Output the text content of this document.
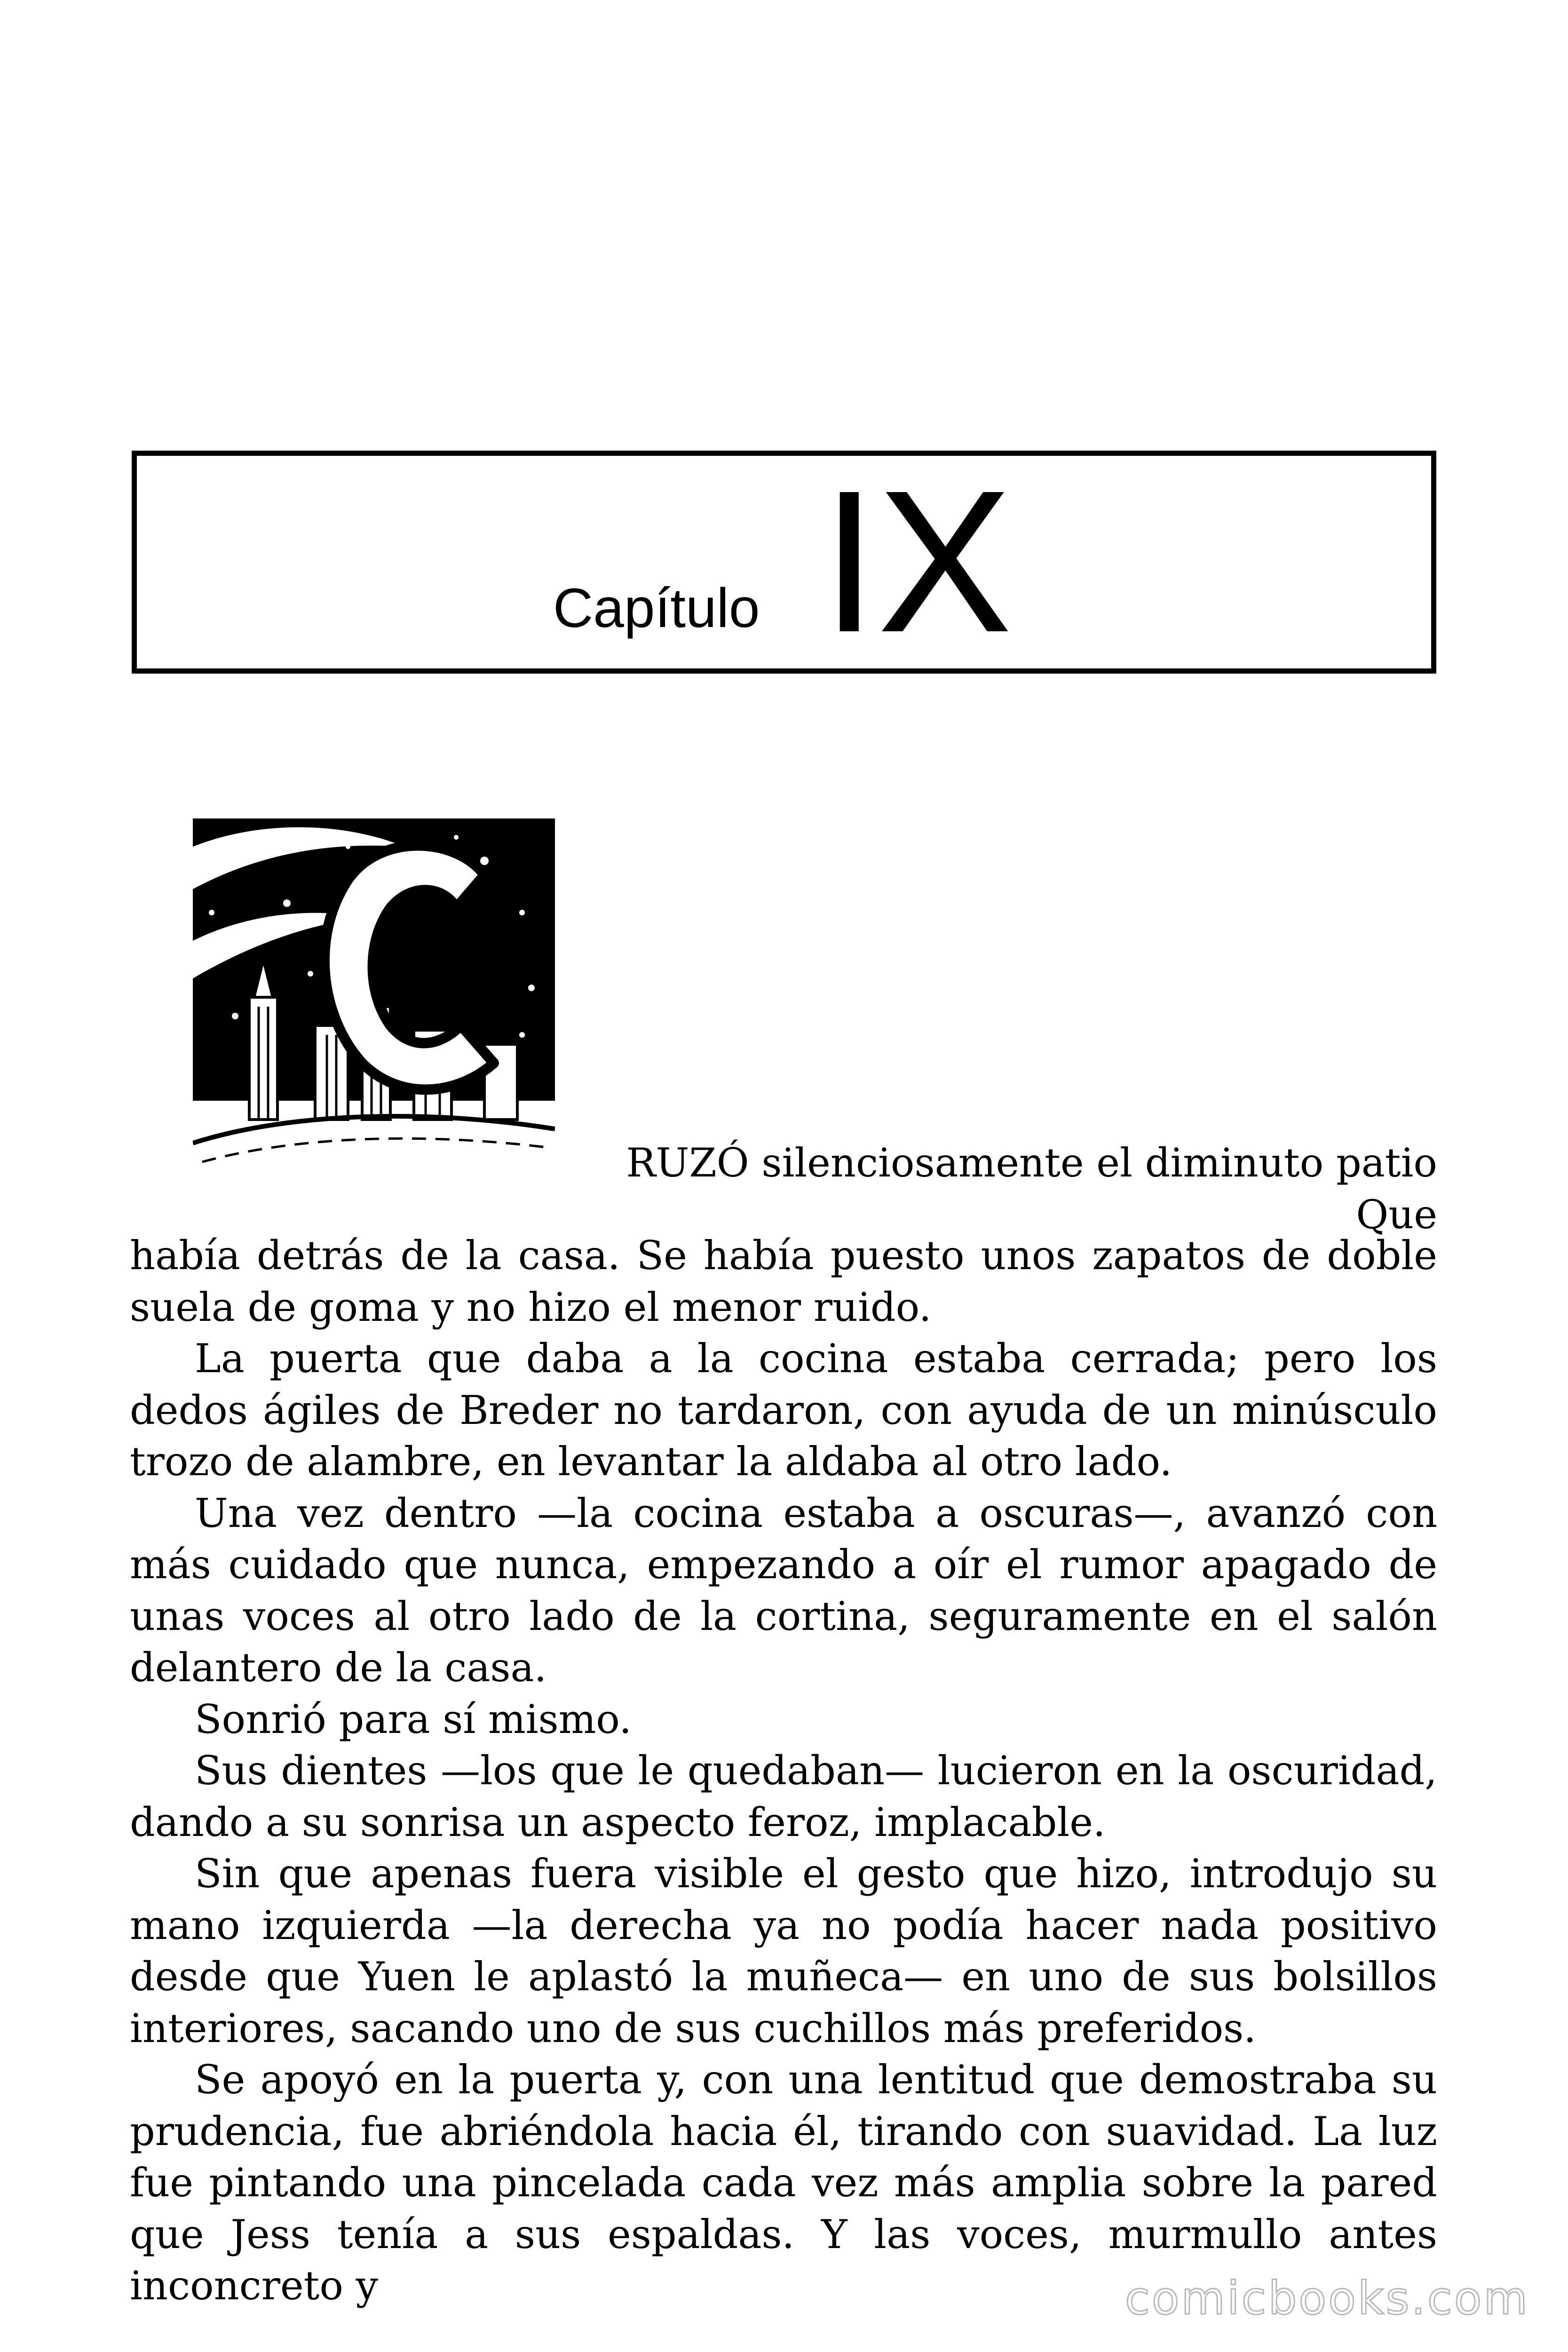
Capítulo IX

RUZÓ silenciosamente el diminuto patio Que
había detrás de la casa. Se había puesto unos zapatos de doble suela de goma y no hizo el menor ruido.

La puerta que daba a la cocina estaba cerrada; pero los dedos ágiles de Breder no tardaron, con ayuda de un minúsculo trozo de alambre, en levantar la aldaba al otro lado.

Una vez dentro —la cocina estaba a oscuras—, avanzó con más cuidado que nunca, empezando a oír el rumor apagado de unas voces al otro lado de la cortina, seguramente en el salón delantero de la casa.

Sonrió para sí mismo.

Sus dientes —los que le quedaban— lucieron en la oscuridad, dando a su sonrisa un aspecto feroz, implacable.

Sin que apenas fuera visible el gesto que hizo, introdujo su mano izquierda —la derecha ya no podía hacer nada positivo desde que Yuen le aplastó la muñeca— en uno de sus bolsillos interiores, sacando uno de sus cuchillos más preferidos.

Se apoyó en la puerta y, con una lentitud que demostraba su prudencia, fue abriéndola hacia él, tirando con suavidad. La luz fue pintando una pincelada cada vez más amplia sobre la pared que Jess tenía a sus espaldas. Y las voces, murmullo antes inconcreto y	comicbooks.com
